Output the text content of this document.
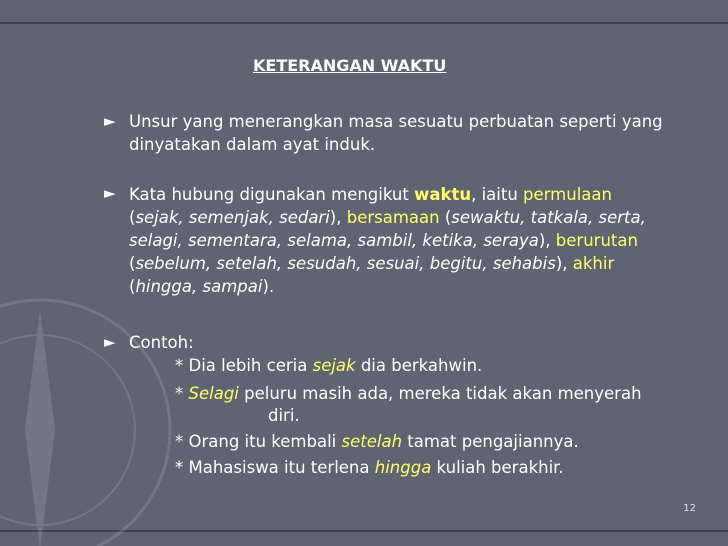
KETERANGAN WAKTU
► Unsur yang menerangkan masa sesuatu perbuatan seperti yang dinyatakan dalam ayat induk.
► Kata hubung digunakan mengikut waktu, iaitu permulaan
(sejak, semenjak, sedari), bersamaan (sewaktu, tatkala, serta, selagi, sementara, selama, sambil, ketika, seraya), berurutan
(sebelum, setelah, sesudah, sesuai, begitu, sehabis), akhir
(hingga, sampai).
► Contoh:
* Dia lebih ceria sejak dia berkahwin.
* Selagi peluru masih ada, mereka tidak akan menyerah
diri.
* Orang itu kembali setelah tamat pengajiannya.
* Mahasiswa itu terlena hingga kuliah berakhir.
12
